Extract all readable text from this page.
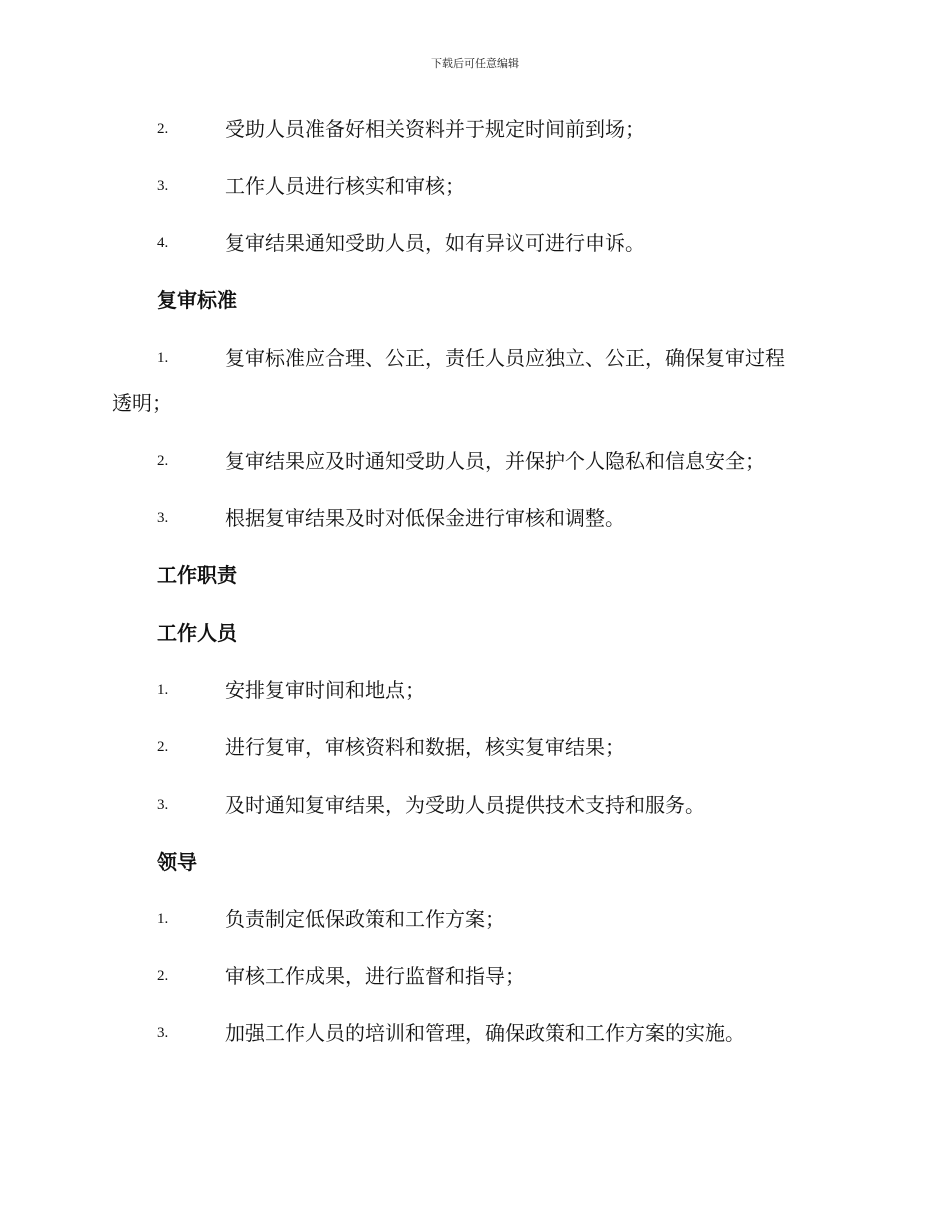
下载后可任意编辑
2.	受助人员准备好相关资料并于规定时间前到场；
3.	工作人员进行核实和审核；
4.	复审结果通知受助人员，如有异议可进行申诉。
复审标准
1.	复审标准应合理、公正，责任人员应独立、公正，确保复审过程
透明；
2.	复审结果应及时通知受助人员，并保护个人隐私和信息安全；
3.	根据复审结果及时对低保金进行审核和调整。
工作职责
工作人员
1.	安排复审时间和地点；
2.	进行复审，审核资料和数据，核实复审结果；
3.	及时通知复审结果，为受助人员提供技术支持和服务。
领导
1.	负责制定低保政策和工作方案；
2.	审核工作成果，进行监督和指导；
3.	加强工作人员的培训和管理，确保政策和工作方案的实施。
